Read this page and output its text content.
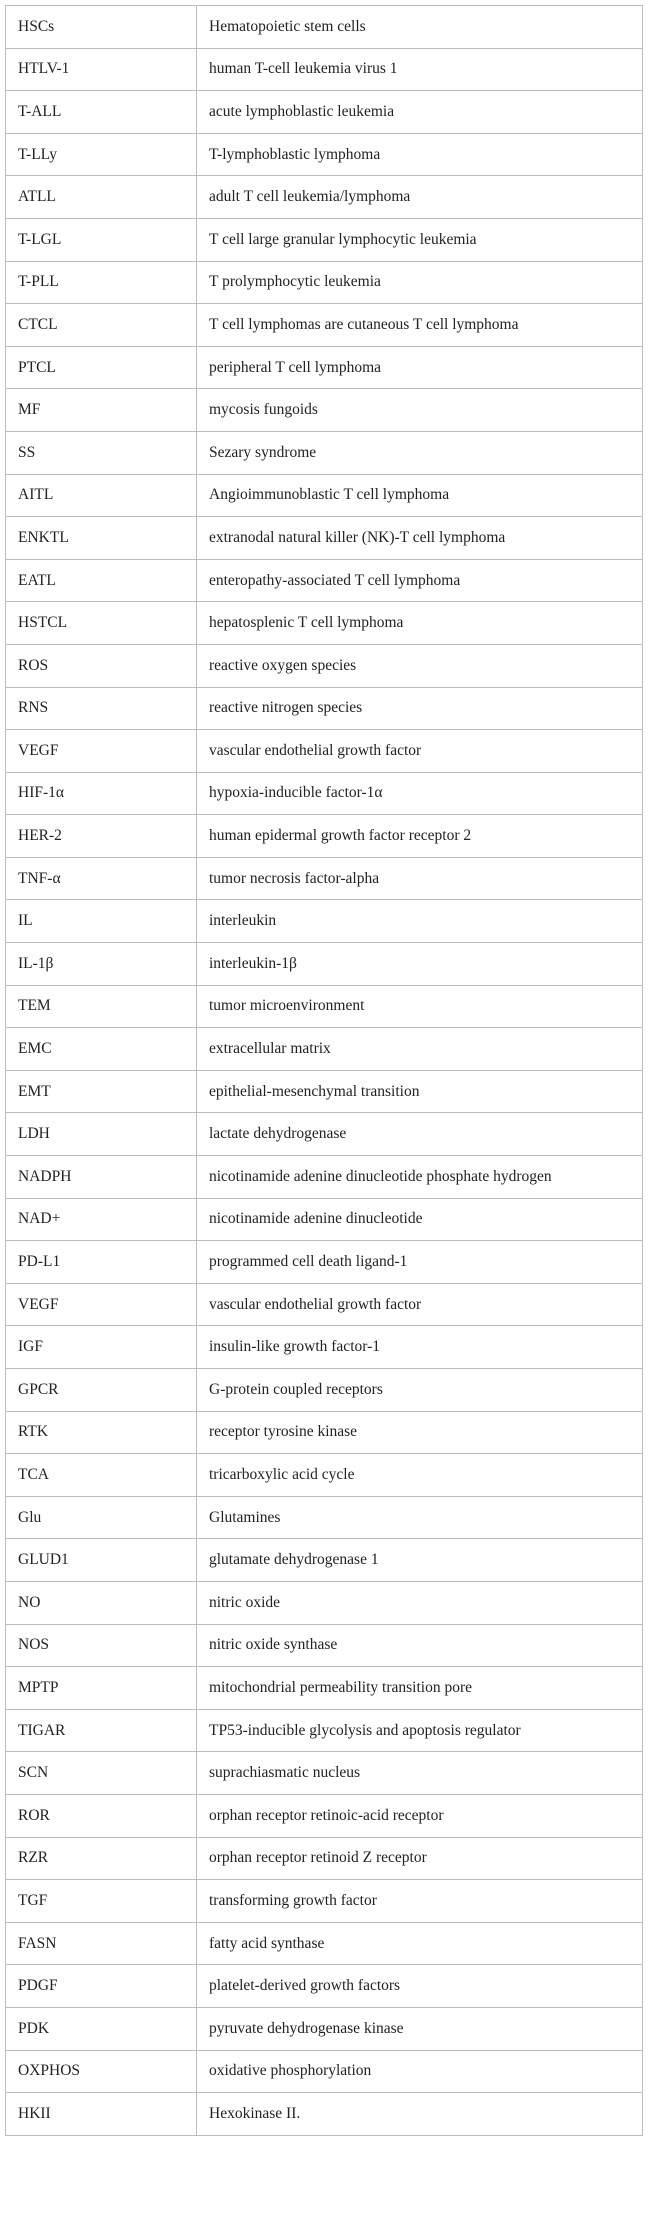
HSCs	Hematopoietic stem cells
HTLV-1	human T-cell leukemia virus 1
T-ALL	acute lymphoblastic leukemia
T-LLy	T-lymphoblastic lymphoma
ATLL	adult T cell leukemia/lymphoma
T-LGL	T cell large granular lymphocytic leukemia
T-PLL	T prolymphocytic leukemia
CTCL	T cell lymphomas are cutaneous T cell lymphoma
PTCL	peripheral T cell lymphoma
MF	mycosis fungoids
SS	Sezary syndrome
AITL	Angioimmunoblastic T cell lymphoma
ENKTL	extranodal natural killer (NK)-T cell lymphoma
EATL	enteropathy-associated T cell lymphoma
HSTCL	hepatosplenic T cell lymphoma
ROS	reactive oxygen species
RNS	reactive nitrogen species
VEGF	vascular endothelial growth factor
HIF-1α	hypoxia-inducible factor-1α
HER-2	human epidermal growth factor receptor 2
TNF-α	tumor necrosis factor-alpha
IL	interleukin
IL-1β	interleukin-1β
TEM	tumor microenvironment
EMC	extracellular matrix
EMT	epithelial-mesenchymal transition
LDH	lactate dehydrogenase
NADPH	nicotinamide adenine dinucleotide phosphate hydrogen
NAD+	nicotinamide adenine dinucleotide
PD-L1	programmed cell death ligand-1
VEGF	vascular endothelial growth factor
IGF	insulin-like growth factor-1
GPCR	G-protein coupled receptors
RTK	receptor tyrosine kinase
TCA	tricarboxylic acid cycle
Glu	Glutamines
GLUD1	glutamate dehydrogenase 1
NO	nitric oxide
NOS	nitric oxide synthase
MPTP	mitochondrial permeability transition pore
TIGAR	TP53-inducible glycolysis and apoptosis regulator
SCN	suprachiasmatic nucleus
ROR	orphan receptor retinoic-acid receptor
RZR	orphan receptor retinoid Z receptor
TGF	transforming growth factor
FASN	fatty acid synthase
PDGF	platelet-derived growth factors
PDK	pyruvate dehydrogenase kinase
OXPHOS	oxidative phosphorylation
HKII	Hexokinase II.
